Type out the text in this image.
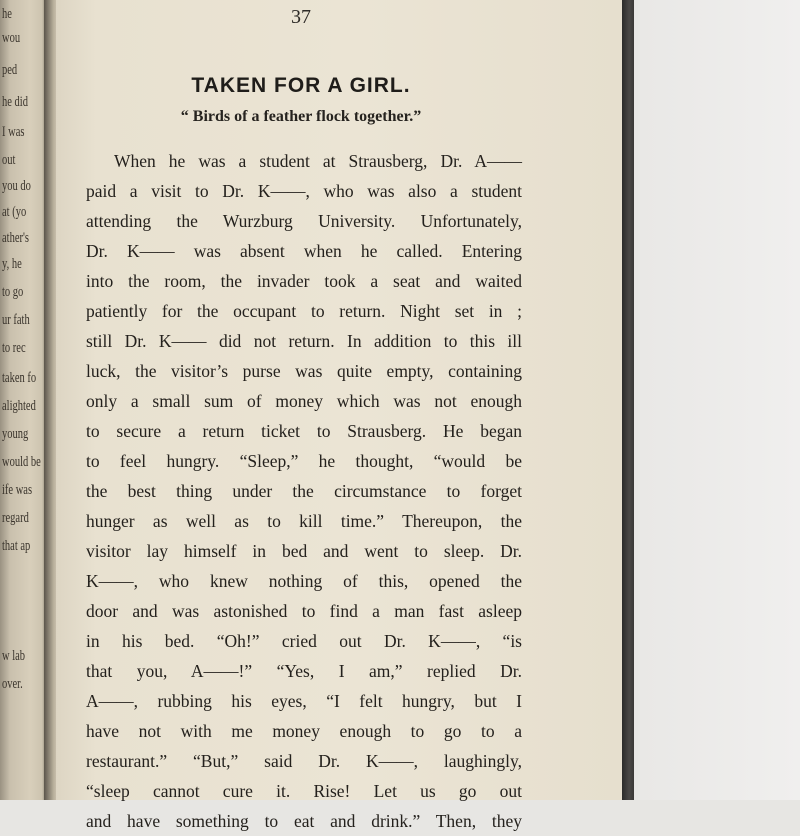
he
wou
ped
he did
I was
out
you do
at (yo
ather's
y, he
to go
ur fath
to rec
taken fo
alighted
young
would be
ife was
regard
that ap
w lab
over.
37
TAKEN FOR A GIRL.
“ Birds of a feather flock together.”
When he was a student at Strausberg, Dr. A——
paid a visit to Dr. K——, who was also a student
attending the Wurzburg University. Unfortunately,
Dr. K—— was absent when he called. Entering
into the room, the invader took a seat and waited
patiently for the occupant to return. Night set in ;
still Dr. K—— did not return. In addition to this ill
luck, the visitor’s purse was quite empty, containing
only a small sum of money which was not enough
to secure a return ticket to Strausberg. He began
to feel hungry. “Sleep,” he thought, “would be
the best thing under the circumstance to forget
hunger as well as to kill time.” Thereupon, the
visitor lay himself in bed and went to sleep. Dr.
K——, who knew nothing of this, opened the
door and was astonished to find a man fast asleep
in his bed. “Oh!” cried out Dr. K——, “is
that you, A——!” “Yes, I am,” replied Dr.
A——, rubbing his eyes, “I felt hungry, but I
have not with me money enough to go to a
restaurant.” “But,” said Dr. K——, laughingly,
“sleep cannot cure it. Rise! Let us go out
and have something to eat and drink.” Then, they
